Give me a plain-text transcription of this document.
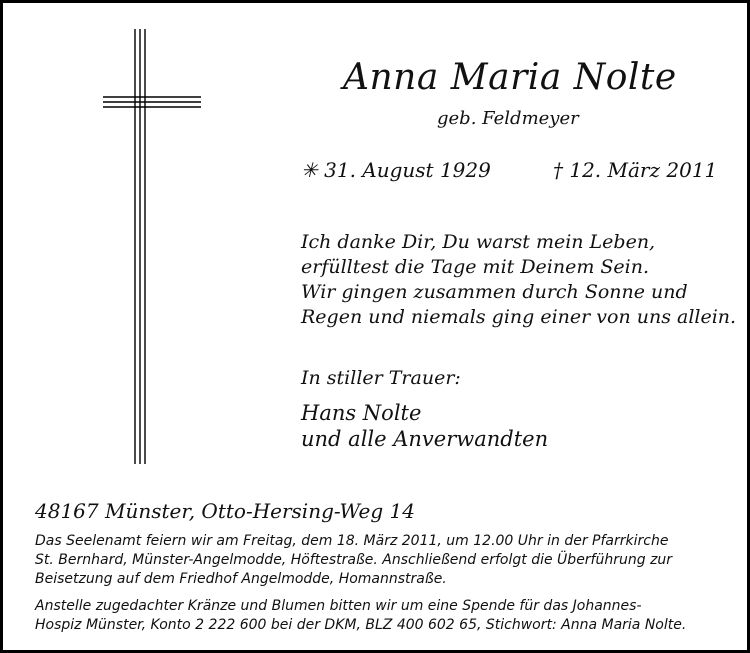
Anna Maria Nolte
geb. Feldmeyer
✳ 31. August 1929	† 12. März 2011
Ich danke Dir, Du warst mein Leben,
erfülltest die Tage mit Deinem Sein.
Wir gingen zusammen durch Sonne und
Regen und niemals ging einer von uns allein.
In stiller Trauer:
Hans Nolte
und alle Anverwandten
48167 Münster, Otto-Hersing-Weg 14
Das Seelenamt feiern wir am Freitag, dem 18. März 2011, um 12.00 Uhr in der Pfarrkirche
St. Bernhard, Münster-Angelmodde, Höftestraße. Anschließend erfolgt die Überführung zur
Beisetzung auf dem Friedhof Angelmodde, Homannstraße.
Anstelle zugedachter Kränze und Blumen bitten wir um eine Spende für das Johannes-
Hospiz Münster, Konto 2 222 600 bei der DKM, BLZ 400 602 65, Stichwort: Anna Maria Nolte.
